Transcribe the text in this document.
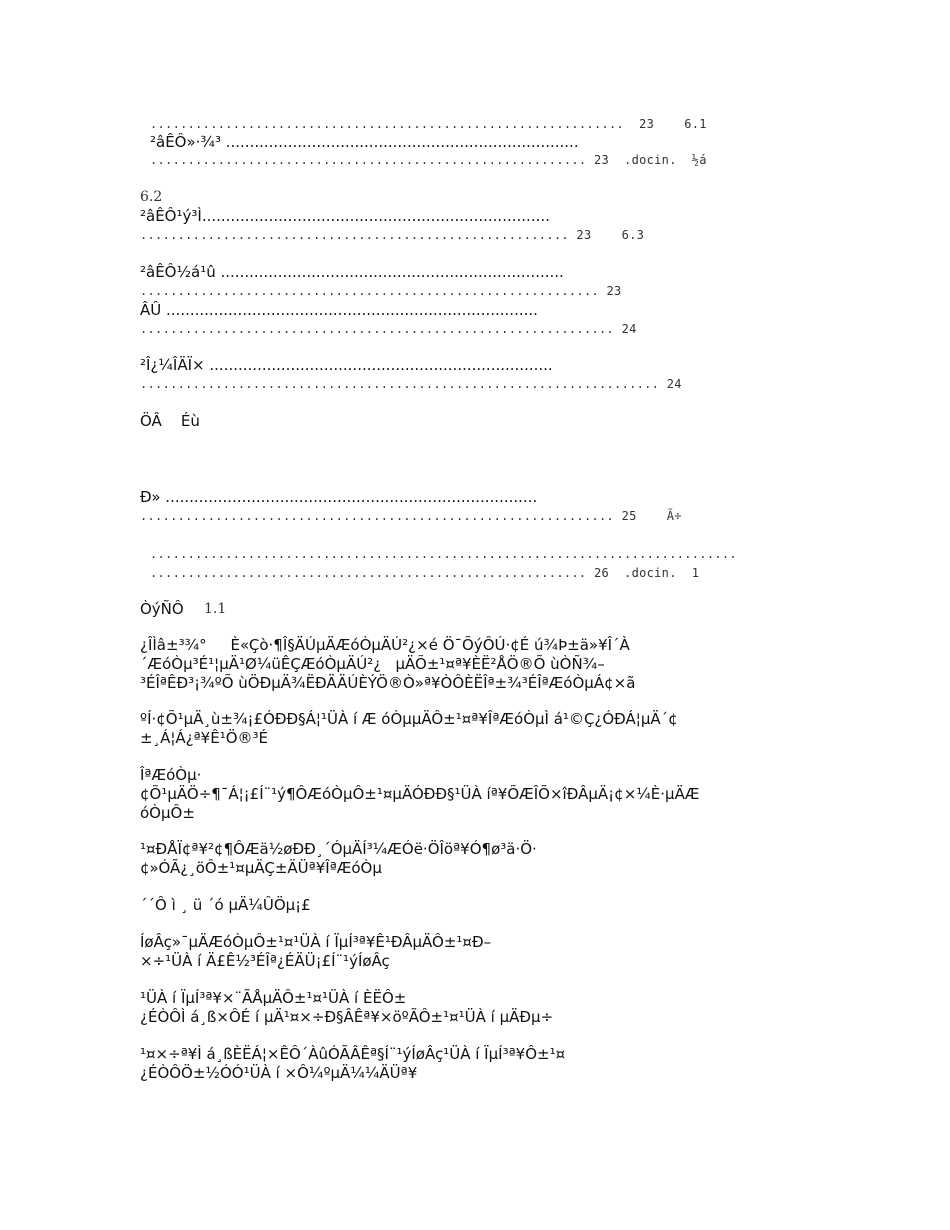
...............................................................  23    6.1
²âÊÔ»·¾³ ..........................................................................
.......................................................... 23  .docin.  ½á
6.2
²âÊÔ¹ý³Ì.........................................................................
......................................................... 23    6.3
²âÊÔ½á¹û ........................................................................
............................................................. 23
ÂÛ ..............................................................................
............................................................... 24
²Î¿¼ÎÄÏ× ........................................................................
..................................................................... 24
ÖÂ    Éù
Ð» ..............................................................................
............................................................... 25    Ã÷
..............................................................................
.......................................................... 26  .docin.  1
ÒýÑÔ 1.1
¿ÎÌâ±³¾°     È«Çò·¶Î§ÄÚµÄÆóÒµÄÚ²¿×é Ö¯ÕýÔÚ·¢É ú¾Þ±ä»¥Î´À
´ÆóÒµ³É¹¦µÄ¹Ø¼üÊÇÆóÒµÄÚ²¿   µÄÕ±¹¤ª¥ÈË²ÅÖ®Õ ùÒÑ¾–
³ÉÎªÊÐ³¡¾ºÕ ùÖÐµÄ¾ËÐÄÄÚÈÝÖ®Ò»ª¥ÒÔÈËÎª±¾³ÉÎªÆóÒµÁ¢×ã
ºÍ·¢Õ¹µÄ¸ù±¾¡£ÓÐÐ§Á¦¹ÜÀ í Æ óÒµµÄÔ±¹¤ª¥ÎªÆóÒµÌ á¹©Ç¿ÓÐÁ¦µÄ´¢
±¸Á¦Á¿ª¥Ê¹Ö®³É
ÎªÆóÒµ·
¢Õ¹µÄÖ÷¶¯Á¦¡£Í¨¹ý¶ÔÆóÒµÔ±¹¤µÄÓÐÐ§¹ÜÀ íª¥ÕÆÎÕ×îÐÂµÄ¡¢×¼È·µÄÆ
óÒµÔ±
¹¤ÐÅÏ¢ª¥²¢¶ÔÆä½øÐÐ¸´ÓµÄÍ³¼ÆÓë·ÖÎöª¥Ó¶ø³ä·Ö·
¢»ÓÃ¿¸öÔ±¹¤µÄÇ±ÄÜª¥ÎªÆóÒµ
´´Ô ì ¸ ü ´ó µÄ¼ÛÖµ¡£
ÍøÂç»¯µÄÆóÒµÔ±¹¤¹ÜÀ í ÏµÍ³ª¥Ê¹ÐÂµÄÔ±¹¤Ð–
×÷¹ÜÀ í Ä£Ê½³ÉÎª¿ÉÄÜ¡£Í¨¹ýÍøÂç
¹ÜÀ í ÏµÍ³ª¥×¨ÃÅµÄÔ±¹¤¹ÜÀ í ÈËÔ±
¿ÉÒÔÌ á¸ß×ÔÉ í µÄ¹¤×÷Ð§ÂÊª¥×öºÃÔ±¹¤¹ÜÀ í µÄÐµ÷
¹¤×÷ª¥Ì á¸ßÈËÁ¦×ÊÔ´ÀûÓÃÂÊª§Í¨¹ýÍøÂç¹ÜÀ í ÏµÍ³ª¥Ô±¹¤
¿ÉÒÔÖ±½ÓÓ¹ÜÀ í ×Ô¼ºµÄ¼¼ÄÜª¥
